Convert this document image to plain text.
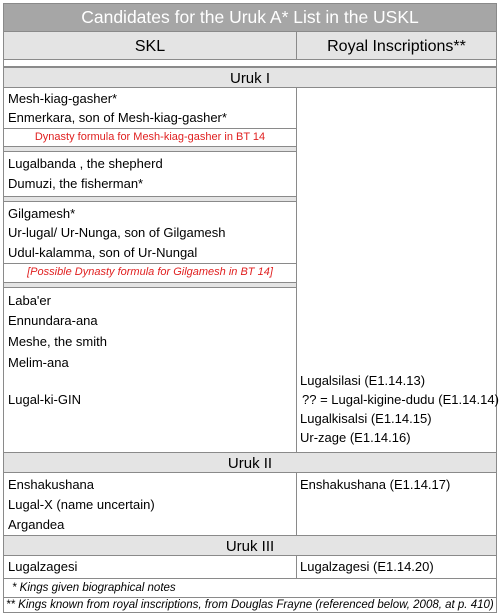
Candidates for the Uruk A* List in the USKL
SKL	Royal Inscriptions**
Uruk I
Mesh-kiag-gasher*
Enmerkara, son of Mesh-kiag-gasher*
Dynasty formula for Mesh-kiag-gasher in BT 14
Lugalbanda , the shepherd
Dumuzi, the fisherman*
Gilgamesh*
Ur-lugal/ Ur-Nunga, son of Gilgamesh
Udul-kalamma, son of Ur-Nungal
[Possible Dynasty formula for Gilgamesh in BT 14]
Laba'er
Ennundara-ana
Meshe, the smith
Melim-ana
Lugal-ki-GIN
Lugalsilasi (E1.14.13)
?? = Lugal-kigine-dudu (E1.14.14)
Lugalkisalsi (E1.14.15)
Ur-zage (E1.14.16)
Uruk II
Enshakushana
Lugal-X (name uncertain)
Argandea
Enshakushana (E1.14.17)
Uruk III
Lugalzagesi	Lugalzagesi (E1.14.20)
* Kings given biographical notes
** Kings known from royal inscriptions, from Douglas Frayne (referenced below, 2008, at p. 410)
